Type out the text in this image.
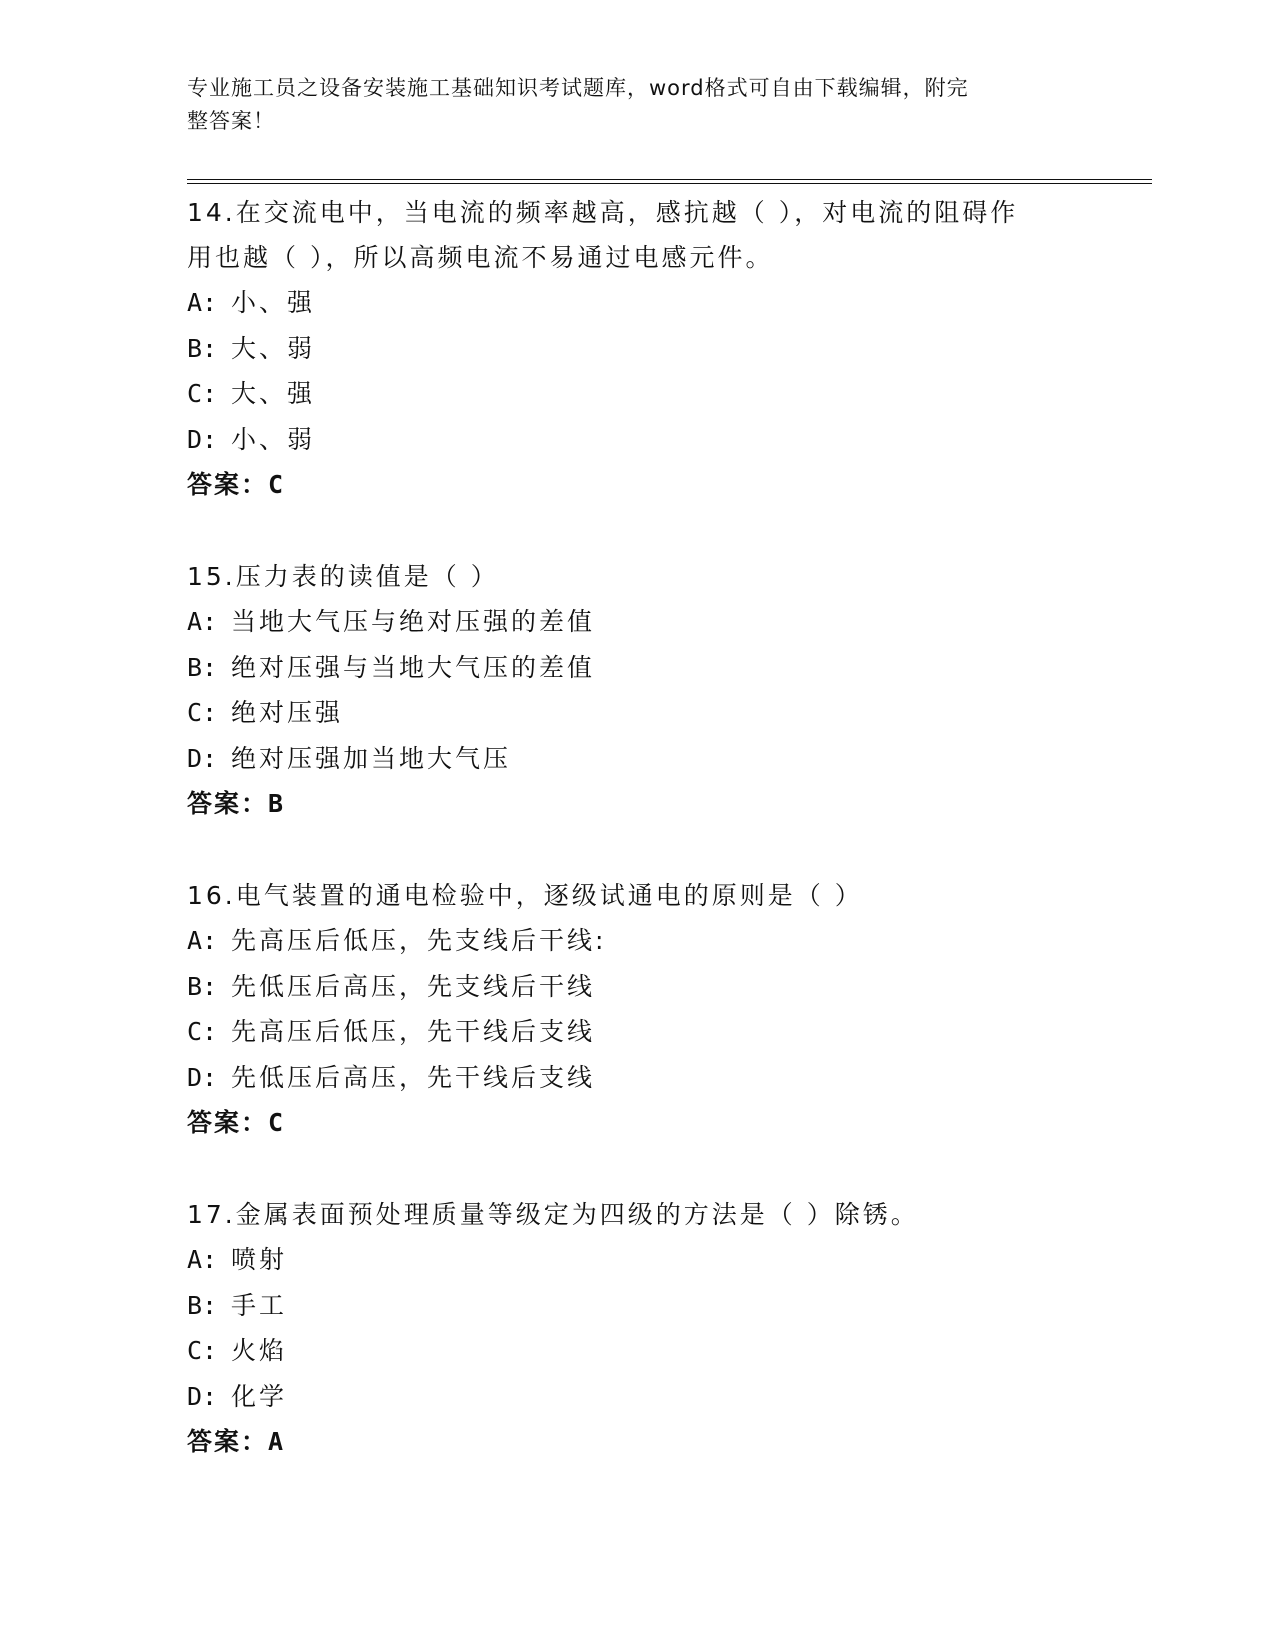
专业施工员之设备安装施工基础知识考试题库，word格式可自由下载编辑，附完
整答案！

14.在交流电中，当电流的频率越高，感抗越（ ），对电流的阻碍作

用也越（ ），所以高频电流不易通过电感元件。

A: 小、强

B: 大、弱

C: 大、强

D: 小、弱

答案：C

15.压力表的读值是（ ）

A: 当地大气压与绝对压强的差值

B: 绝对压强与当地大气压的差值

C: 绝对压强

D: 绝对压强加当地大气压

答案：B

16.电气装置的通电检验中，逐级试通电的原则是（ ）

A: 先高压后低压，先支线后干线:

B: 先低压后高压，先支线后干线

C: 先高压后低压，先干线后支线

D: 先低压后高压，先干线后支线

答案：C

17.金属表面预处理质量等级定为四级的方法是（ ）除锈。

A: 喷射

B: 手工

C: 火焰

D: 化学

答案：A
